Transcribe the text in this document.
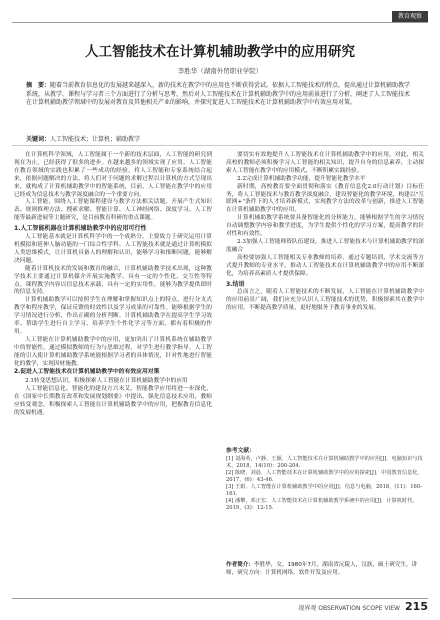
教育观察
人工智能技术在计算机辅助教学中的应用研究
李胜华（湖南外贸职业学院）
摘　要：随着当前教育信息化的发展越来越深入，新的技术在教学中的应用也不断获得尝试。依据人工智能技术的特点，提出通过计算机辅助教学系统，从教学、课程与学习者三个方面进行了分析与思考，然后对人工智能技术在计算机辅助教学中的应用前景进行了分析，阐述了人工智能技术在计算机辅助教学领域中的发展对教育及其他相关产业的影响，并探究促进人工智能技术在计算机辅助教学中有效应用对策。
关键词：人工智能技术；计算机；辅助教学

在计算机科学领域，人工智能属于一个新的技术层面，人工智能的研究到现在为止，已经获得了很多的进步。在越来越多的领域实现了应用。人工智能在教育领域的实践也积累了一些成功的经验，将人工智能和专家系统结合起来，依据问题解决的方法，将人们对于问题的求解过程以计算机的方式呈现出来，就构成了计算机辅助教学中的智能系统，目前，人工智能在教学中的应用已经成为信息技术与教学深度融合的一个重要方向。

人工智能，围绕人工智能课程建设与教学方法相关话题，开展产生式知识表、规则推理方法、搜索求解、智能计算、人工神经网络、深度学习、人工智能等最新进展等主题研究，是目前教育科研的重点课题。

1.人工智能机器在计算机辅助教学中的应用可行性

人工智能基本就是计算机科学中的一个成熟分，主要致力于研究运用计算机模拟和延伸人脑功能的一门综合性学科。人工智能技术就是通过计算机模拟人类思维模式，让计算机具备人的理解和认识，能够学习和推断问题，能够解决问题。

随着计算机技术的发展和教育的融合，计算机辅助教学技术出现，这种教学技术主要通过计算机媒介开展实施教学，具有一定的个性化、交互性等特点。课程教学内容以信息技术承载，具有一定的实用性，能够为教学提供即时的信息支持。

计算机辅助教学可以按照学生在理解和掌握知识点上的特点，进行分支式教学和程序教学，保证反馈的时效性以及学习成果的可靠性。能够根据学生的学习情况进行分析，作出正确的分析判断。计算机辅助教学在提高学生学习效率、帮助学生进行自主学习、培养学生个性化学习等方面，都有着积极的作用。

人工智能在计算机辅助教学中的应用，更加突出了计算机系统在辅助教学中的智能性，通过模拟教师的行为与思维过程，对学生进行教学指导。人工智能的引入使计算机辅助教学系统能根据学习者的具体情况，针对性地进行智能化的教学，实现因材施教。

2.促进人工智能技术在计算机辅助教学中的有效应用对策

2.1转变思想认识，积极探索人工智能在计算机辅助教学中的应用

人工智能信息化、智能化的建设方兴未艾，智能教学应用将进一步深化，在《国家中长期教育改革和发展规划纲要》中提出，强化信息技术应用，教师应转变观念，积极探索人工智能在计算机辅助教学中的应用，把握教育信息化的发展机遇。

要切实有效地提升人工智能技术在计算机辅助教学中的应用，对此，相关高校的教师必须积极学习人工智能的相关知识，提升自身的信息素养，主动探索人工智能在教学中的应用模式，不断积累实践经验。

2.2完成计算机辅助教学功能，提升智能化教学水平

新时期，高校教育要全面贯彻和落实《教育信息化2.0行动计划》目标任务，将人工智能技术与教育教学深度融合，建设智能化的教学环境，构建以"互联网+"条件下的人才培养新模式，实现教学方法的改革与创新，推进人工智能在计算机辅助教学中的应用。

计算机辅助教学系统要具备智能化的分析能力，能够根据学生的学习情况自动调整教学内容和教学进度，为学生提供个性化的学习方案，提高教学的针对性和有效性。

2.3加强人工智能师资队伍建设，推进人工智能技术与计算机辅助教学的深度融合

高校要加强人工智能相关专业教师的培养，通过专题培训、学术交流等方式提升教师的专业水平，推动人工智能技术在计算机辅助教学中的应用不断深化，为培养高素质人才提供保障。

3.结语

总而言之，随着人工智能技术的不断发展，人工智能在计算机辅助教学中的应用前景广阔，我们应充分认识人工智能技术的优势，积极探索其在教学中的应用，不断提高教学质量，更好地服务于教育事业的发展。

参考文献：
[1] 刘海英，卢静，王颖．人工智能技术在计算机辅助教学中的应用[J]．电脑知识与技术，2018，14(10)：200-204.
[2] 陈晓，刘晨．人工智能技术在计算机辅助教学中的应用探索[J]．中国教育信息化，2017，(6)：43-46.
[3] 王娟．人工智能在计算机辅助教学中的应用[J]．信息与电脑，2018，(11)：160-161.
[4] 潘攀，邓正宏．人工智能技术在计算机辅助教学系统中的应用[J]．计算机时代，2019，(3)：12-15.
作者简介：李胜华，女，1980年7月，湖南省沅陵人，汉族，硕士研究生，讲师，研究方向：计算机网络、软件开发及应用。
视界观 OBSERVATION SCOPE VIEW 215
